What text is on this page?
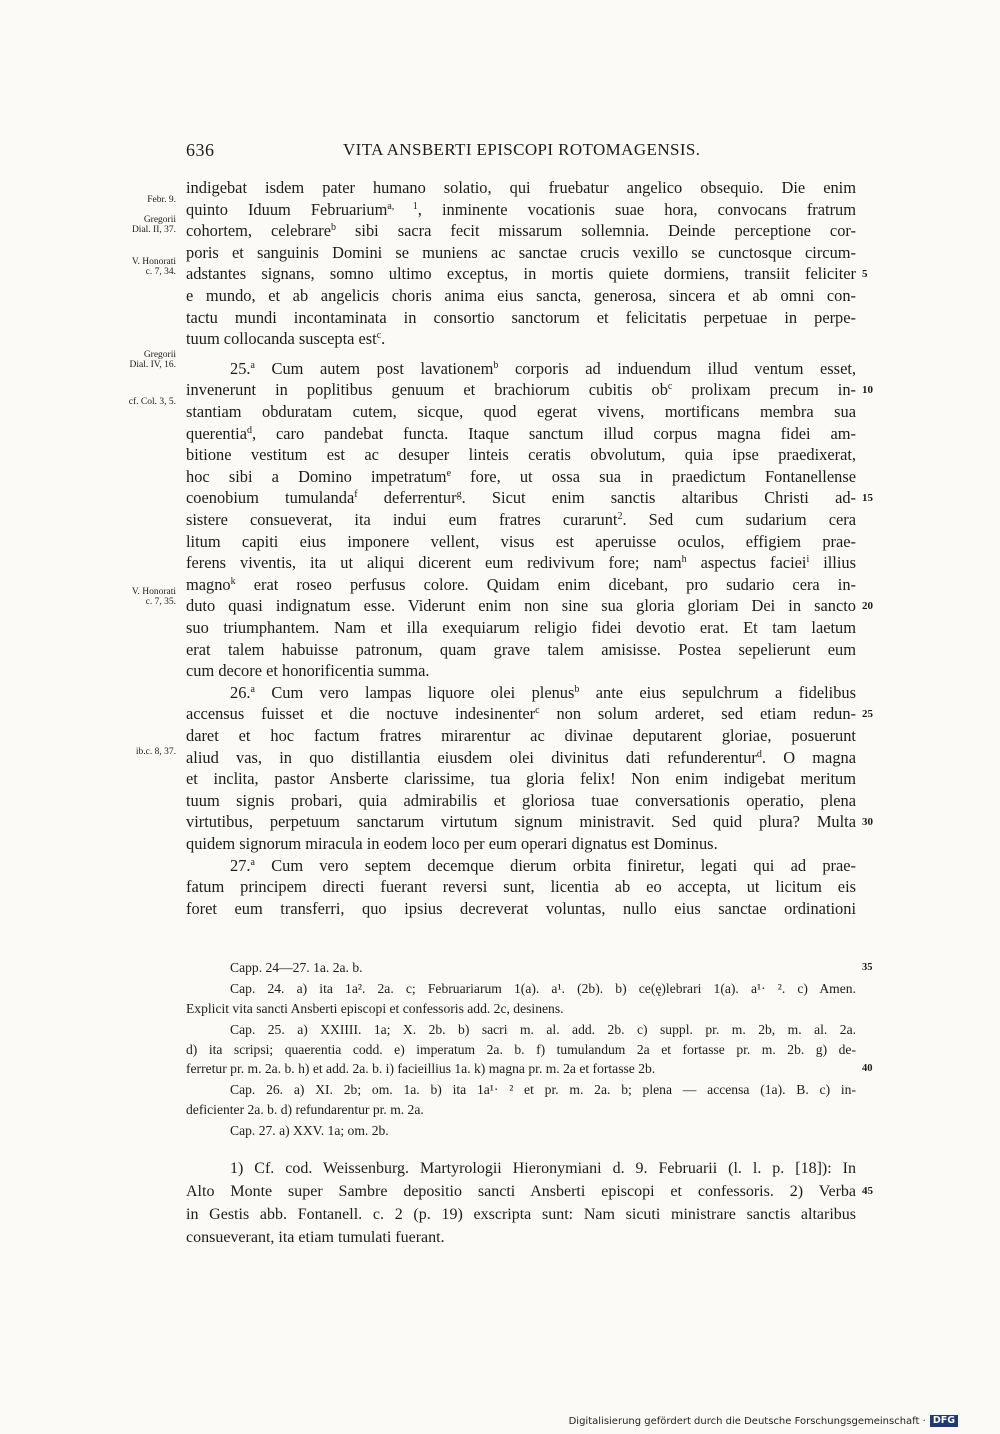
636	VITA ANSBERTI EPISCOPI ROTOMAGENSIS.
Febr. 9.
Gregorii
Dial. II, 37.
V. Honorati
c. 7, 34.
Gregorii
Dial. IV, 16.
cf. Col. 3, 5.
V. Honorati
c. 7, 35.
ib.c. 8, 37.
indigebat isdem pater humano solatio, qui fruebatur angelico obsequio. Die enim
quinto Iduum Februarium$^{a, 1}$, inminente vocationis suae hora, convocans fratrum
cohortem, celebrare$^b$ sibi sacra fecit missarum sollemnia. Deinde perceptione cor-
poris et sanguinis Domini se muniens ac sanctae crucis vexillo se cunctosque circum-
adstantes signans, somno ultimo exceptus, in mortis quiete dormiens, transiit feliciter 5
e mundo, et ab angelicis choris anima eius sancta, generosa, sincera et ab omni con-
tactu mundi incontaminata in consortio sanctorum et felicitatis perpetuae in perpe-
tuum collocanda suscepta est$^c$.
25.$^a$ Cum autem post lavationem$^b$ corporis ad induendum illud ventum esset,
invenerunt in poplitibus genuum et brachiorum cubitis $ob^c$ prolixam precum in- 10
stantiam obduratam cutem, sicque, quod egerat vivens, mortificans membra sua
querentia$^d$, caro pandebat functa. Itaque sanctum illud corpus magna fidei am-
bitione vestitum est ac desuper linteis ceratis obvolutum, quia ipse praedixerat,
hoc sibi a Domino impetratum$^e$ fore, ut ossa sua in praedictum Fontanellense
coenobium tumulanda$^f$ deferrentur$^g$. Sicut enim sanctis altaribus Christi ad- 15
sistere consueverat, ita indui eum fratres curarunt$^2$. Sed cum sudarium cera
litum capiti eius imponere vellent, visus est aperuisse oculos, effigiem prae-
ferens viventis, ita ut aliqui dicerent eum redivivum fore; nam$^h$ aspectus faciei$^i$ illius
magno$^k$ erat roseo perfusus colore. Quidam enim dicebant, pro sudario cera in-
duto quasi indignatum esse. Viderunt enim non sine sua gloria gloriam Dei in sancto 20
suo triumphantem. Nam et illa exequiarum religio fidei devotio erat. Et tam laetum
erat talem habuisse patronum, quam grave talem amisisse. Postea sepelierunt eum
cum decore et honorificentia summa.
26.$^a$ Cum vero lampas liquore olei plenus$^b$ ante eius sepulchrum a fidelibus
accensus fuisset et die noctuve indesinenter$^c$ non solum arderet, sed etiam redun- 25
daret et hoc factum fratres mirarentur ac divinae deputarent gloriae, posuerunt
aliud vas, in quo distillantia eiusdem olei divinitus dati refunderentur$^d$. O magna
et inclita, pastor Ansberte clarissime, tua gloria felix! Non enim indigebat meritum
tuum signis probari, quia admirabilis et gloriosa tuae conversationis operatio, plena
virtutibus, perpetuum sanctarum virtutum signum ministravit. Sed quid plura? Multa 30
quidem signorum miracula in eodem loco per eum operari dignatus est Dominus.
27.$^a$ Cum vero septem decemque dierum orbita finiretur, legati qui ad prae-
fatum principem directi fuerant reversi sunt, licentia ab eo accepta, ut licitum eis
foret eum transferri, quo ipsius decreverat voluntas, nullo eius sanctae ordinationi
Capp. 24—27. 1a. 2a. b.	35
Cap. 24. a) ita 1a². 2a. c; Februariarum 1(a). a¹. (2b). b) ce(ę)lebrari 1(a). a¹· ². c) Amen.
Explicit vita sancti Ansberti episcopi et confessoris add. 2c, desinens.
Cap. 25. a) XXIIII. 1a; X. 2b. b) sacri m. al. add. 2b. c) suppl. pr. m. 2b, m. al. 2a.
d) ita scripsi; quaerentia codd. e) imperatum 2a. b. f) tumulandum 2a et fortasse pr. m. 2b. g) de-
ferretur pr. m. 2a. b. h) et add. 2a. b. i) facieillius 1a. k) magna pr. m. 2a et fortasse 2b.	40
Cap. 26. a) XI. 2b; om. 1a. b) ita 1a¹· ² et pr. m. 2a. b; plena — accensa (1a). B. c) in-
deficienter 2a. b. d) refundarentur pr. m. 2a.
Cap. 27. a) XXV. 1a; om. 2b.
1) Cf. cod. Weissenburg. Martyrologii Hieronymiani d. 9. Februarii (l. l. p. [18]): In
Alto Monte super Sambre depositio sancti Ansberti episcopi et confessoris. 2) Verba 45
in Gestis abb. Fontanell. c. 2 (p. 19) exscripta sunt: Nam sicuti ministrare sanctis altaribus
consueverant, ita etiam tumulati fuerant.
Digitalisierung gefördert durch die Deutsche Forschungsgemeinschaft · DFG
